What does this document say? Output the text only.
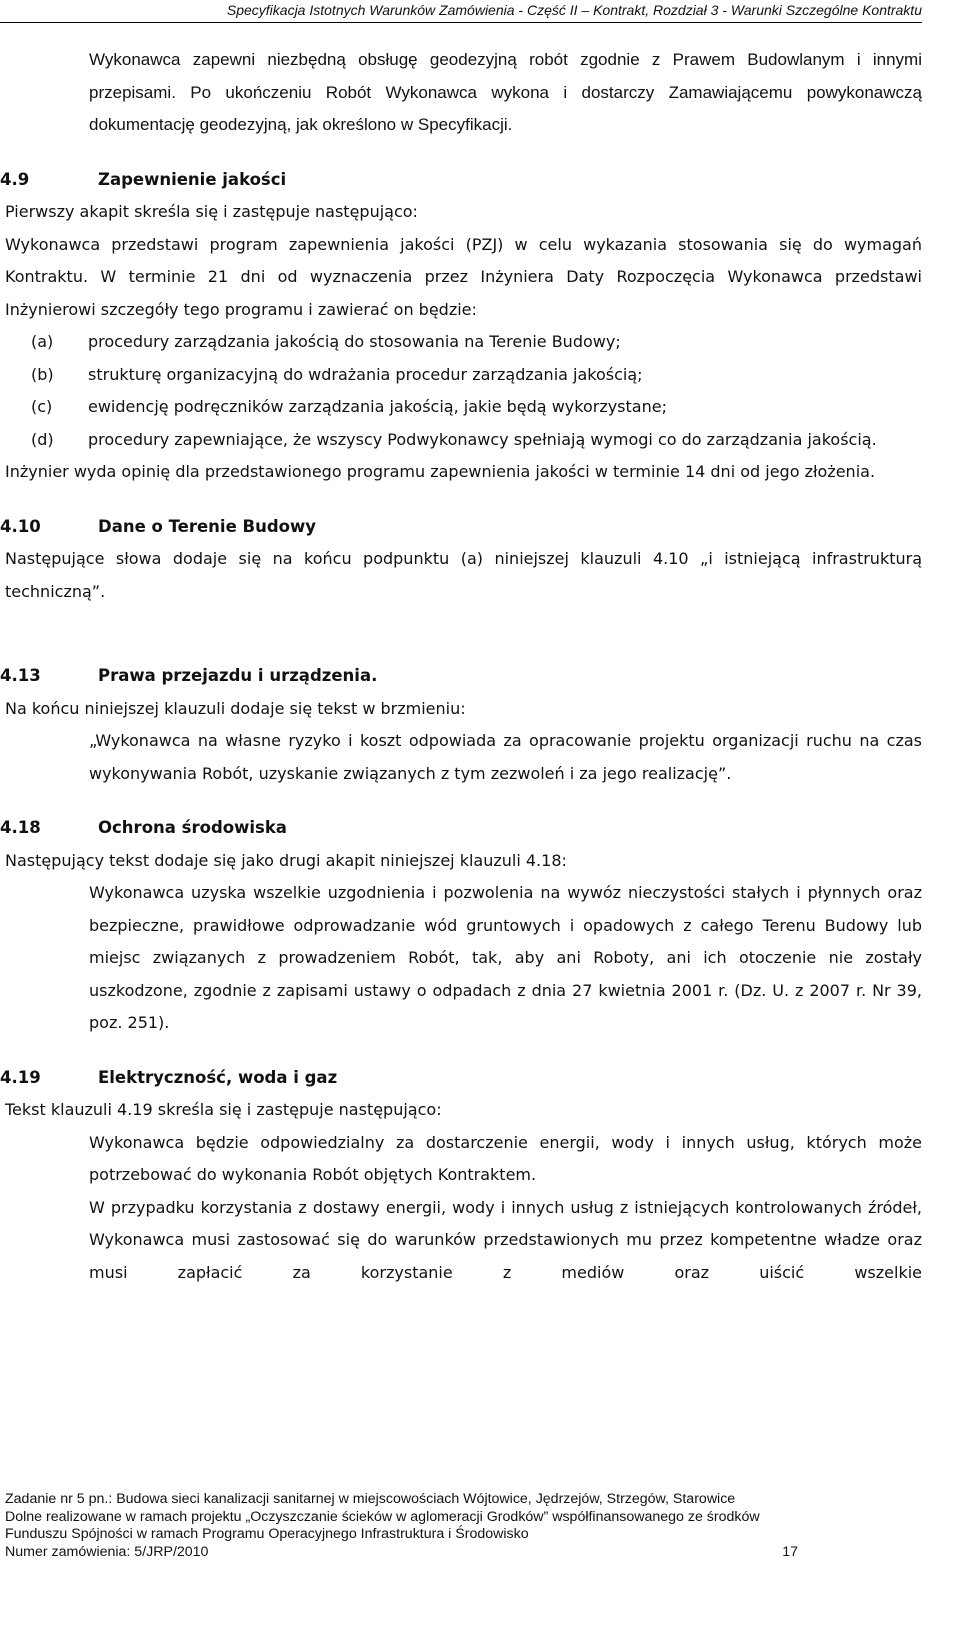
Specyfikacja Istotnych Warunków Zamówienia - Część II – Kontrakt, Rozdział 3 - Warunki Szczególne Kontraktu

Wykonawca zapewni niezbędną obsługę geodezyjną robót zgodnie z Prawem Budowlanym i innymi przepisami. Po ukończeniu Robót Wykonawca wykona i dostarczy Zamawiającemu powykonawczą dokumentację geodezyjną, jak określono w Specyfikacji.

4.9	Zapewnienie jakości

Pierwszy akapit skreśla się i zastępuje następująco:

Wykonawca przedstawi program zapewnienia jakości (PZJ) w celu wykazania stosowania się do wymagań Kontraktu. W terminie 21 dni od wyznaczenia przez Inżyniera Daty Rozpoczęcia Wykonawca przedstawi Inżynierowi szczegóły tego programu i zawierać on będzie:

(a)	procedury zarządzania jakością do stosowania na Terenie Budowy;
(b)	strukturę organizacyjną do wdrażania procedur zarządzania jakością;
(c)	ewidencję podręczników zarządzania jakością, jakie będą wykorzystane;
(d)	procedury zapewniające, że wszyscy Podwykonawcy spełniają wymogi co do zarządzania jakością.

Inżynier wyda opinię dla przedstawionego programu zapewnienia jakości w terminie 14 dni od jego złożenia.

4.10	Dane o Terenie Budowy

Następujące słowa dodaje się na końcu podpunktu (a) niniejszej klauzuli 4.10 „i istniejącą infrastrukturą techniczną”.

4.13	Prawa przejazdu i urządzenia.

Na końcu niniejszej klauzuli dodaje się tekst w brzmieniu:

„Wykonawca na własne ryzyko i koszt odpowiada za opracowanie projektu organizacji ruchu na czas wykonywania Robót, uzyskanie związanych z tym zezwoleń i za jego realizację”.

4.18	Ochrona środowiska

Następujący tekst dodaje się jako drugi akapit niniejszej klauzuli 4.18:

Wykonawca uzyska wszelkie uzgodnienia i pozwolenia na wywóz nieczystości stałych i płynnych oraz bezpieczne, prawidłowe odprowadzanie wód gruntowych i opadowych z całego Terenu Budowy lub miejsc związanych z prowadzeniem Robót, tak, aby ani Roboty, ani ich otoczenie nie zostały uszkodzone, zgodnie z zapisami ustawy o odpadach z dnia 27 kwietnia 2001 r. (Dz. U. z 2007 r. Nr 39, poz. 251).

4.19	Elektryczność, woda i gaz

Tekst klauzuli 4.19 skreśla się i zastępuje następująco:

Wykonawca będzie odpowiedzialny za dostarczenie energii, wody i innych usług, których może potrzebować do wykonania Robót objętych Kontraktem.

W przypadku korzystania z dostawy energii, wody i innych usług z istniejących kontrolowanych źródeł, Wykonawca musi zastosować się do warunków przedstawionych mu przez kompetentne władze oraz musi zapłacić za korzystanie z mediów oraz uiścić wszelkie

Zadanie nr 5 pn.: Budowa sieci kanalizacji sanitarnej w miejscowościach Wójtowice, Jędrzejów, Strzegów, Starowice
Dolne realizowane w ramach projektu „Oczyszczanie ścieków w aglomeracji Grodków” współfinansowanego ze środków
Funduszu Spójności w ramach Programu Operacyjnego Infrastruktura i Środowisko
Numer zamówienia: 5/JRP/2010	17
